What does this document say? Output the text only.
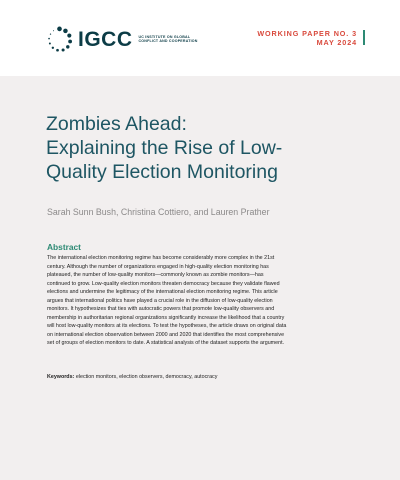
IGCC UC INSTITUTE ON GLOBAL
CONFLICT AND COOPERATION
WORKING PAPER NO. 3
MAY 2024
Zombies Ahead:
Explaining the Rise of Low-
Quality Election Monitoring
Sarah Sunn Bush, Christina Cottiero, and Lauren Prather
Abstract
The international election monitoring regime has become considerably more complex in the 21st
century. Although the number of organizations engaged in high-quality election monitoring has
plateaued, the number of low-quality monitors—commonly known as zombie monitors—has
continued to grow. Low-quality election monitors threaten democracy because they validate flawed
elections and undermine the legitimacy of the international election monitoring regime. This article
argues that international politics have played a crucial role in the diffusion of low-quality election
monitors. It hypothesizes that ties with autocratic powers that promote low-quality observers and
membership in authoritarian regional organizations significantly increase the likelihood that a country
will host low-quality monitors at its elections. To test the hypotheses, the article draws on original data
on international election observation between 2000 and 2020 that identifies the most comprehensive
set of groups of election monitors to date. A statistical analysis of the dataset supports the argument.
Keywords: election monitors, election observers, democracy, autocracy
